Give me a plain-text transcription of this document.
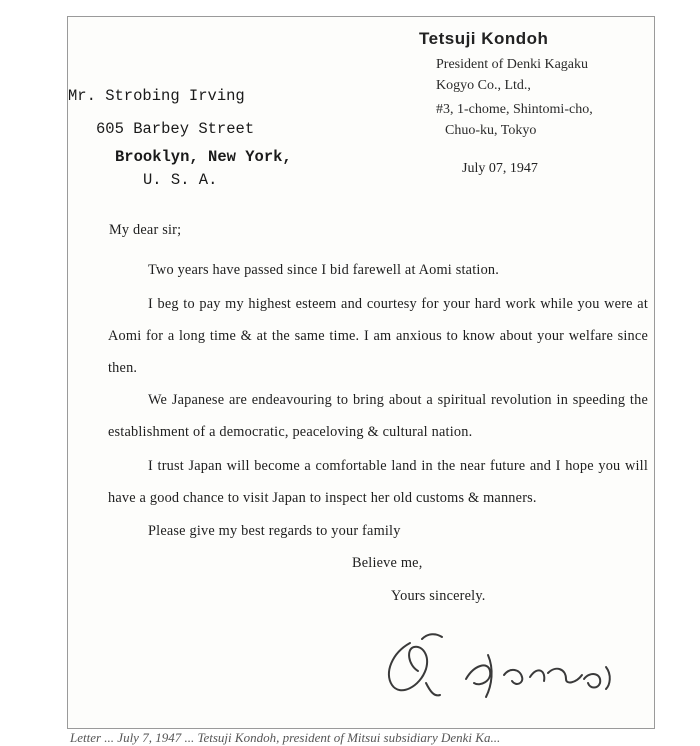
Tetsuji Kondoh
President of Denki Kagaku
Kogyo Co., Ltd.,
#3, 1-chome, Shintomi-cho,
Chuo-ku, Tokyo
July 07, 1947
Mr. Strobing Irving
605 Barbey Street
Brooklyn, New York,
U. S. A.
My dear sir;
Two years have passed since I bid farewell at Aomi station.
I beg to pay my highest esteem and courtesy for your hard work while you were at Aomi for a long time & at the same time. I am anxious to know about your welfare since then.
We Japanese are endeavouring to bring about a spiritual revolution in speeding the establishment of a democratic, peaceloving & cultural nation.
I trust Japan will become a comfortable land in the near future and I hope you will have a good chance to visit Japan to inspect her old customs & manners.
Please give my best regards to your family
Believe me,
Yours sincerely.
Letter ... July 7, 1947 ... Tetsuji Kondoh, president of Mitsui subsidiary Denki Ka...
